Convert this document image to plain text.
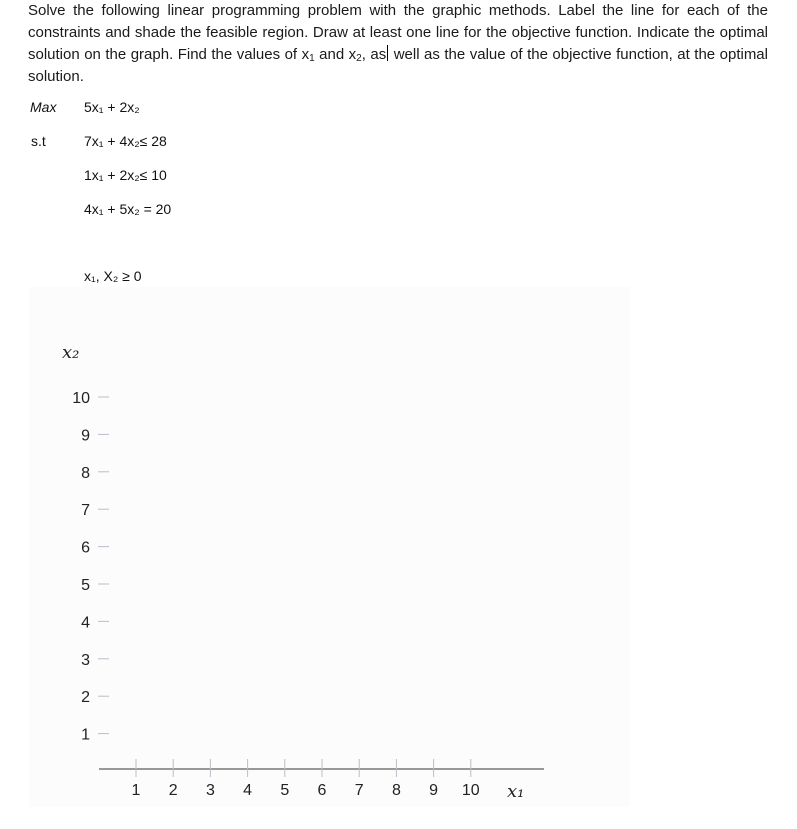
Solve the following linear programming problem with the graphic methods. Label the line for each of the constraints and shade the feasible region. Draw at least one line for the objective function. Indicate the optimal solution on the graph. Find the values of $x_1$ and $x_2$, as well as the value of the objective function, at the optimal solution.
Max
s.t
5x₁ + 2x₂
7x₁ + 4x₂≤ 28
1x₁ + 2x₂≤ 10
4x₁ + 5x₂ = 20
x₁, X₂ ≥ 0
x₂
x₁
1 2 3 4 5 6 7 8 9 10
10
9
8
7
6
5
4
3
2
1
